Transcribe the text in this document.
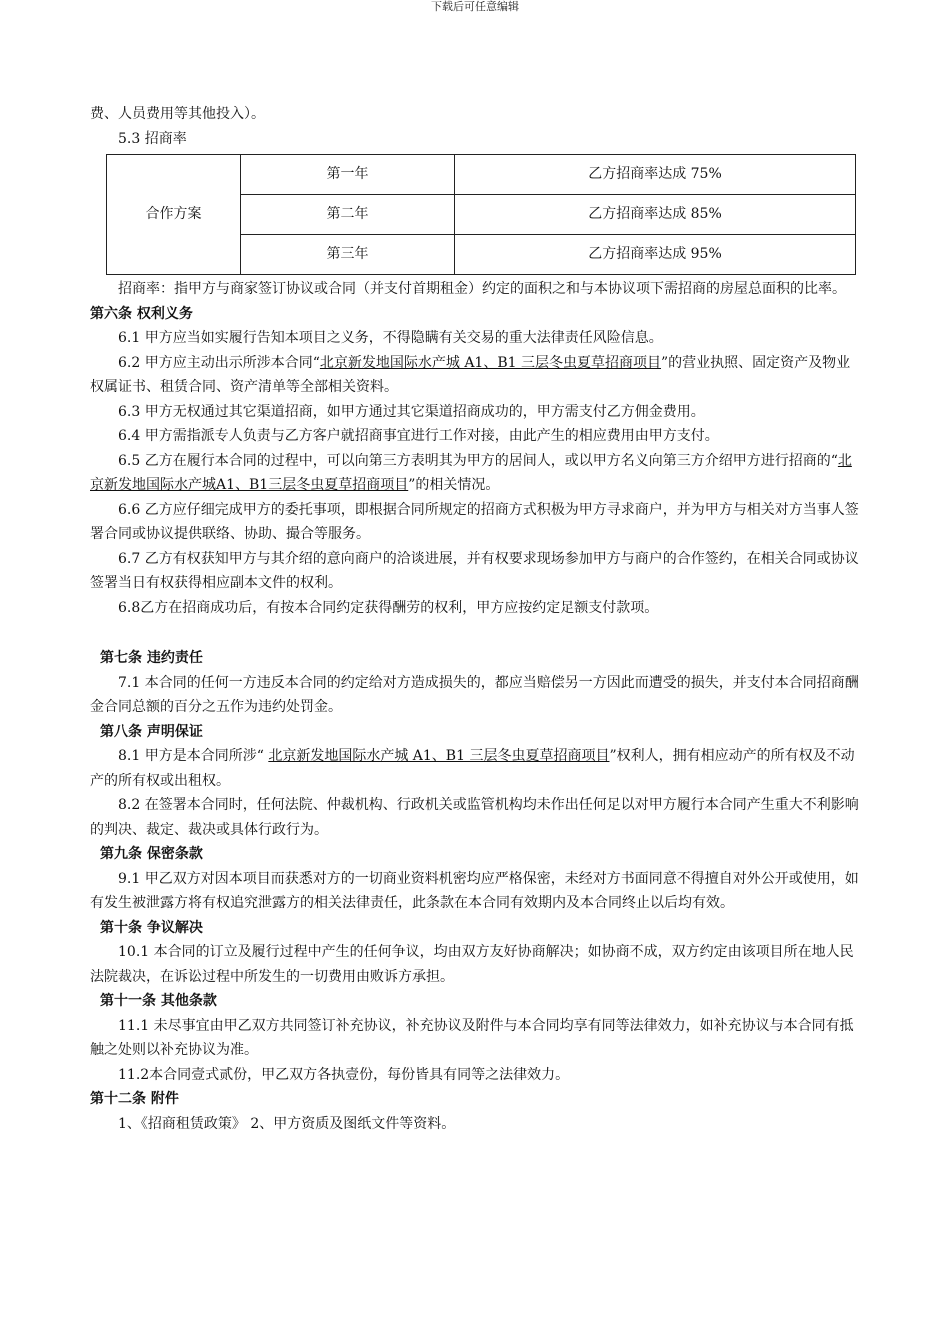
下载后可任意编辑

费、人员费用等其他投入）。

5.3 招商率

合作方案	第一年	乙方招商率达成 75%
	第二年	乙方招商率达成 85%
	第三年	乙方招商率达成 95%

招商率：指甲方与商家签订协议或合同（并支付首期租金）约定的面积之和与本协议项下需招商的房屋总面积的比率。

第六条 权利义务

6.1 甲方应当如实履行告知本项目之义务，不得隐瞒有关交易的重大法律责任风险信息。

6.2 甲方应主动出示所涉本合同“北京新发地国际水产城 A1、B1 三层冬虫夏草招商项目”的营业执照、固定资产及物业权属证书、租赁合同、资产清单等全部相关资料。

6.3 甲方无权通过其它渠道招商，如甲方通过其它渠道招商成功的，甲方需支付乙方佣金费用。

6.4 甲方需指派专人负责与乙方客户就招商事宜进行工作对接，由此产生的相应费用由甲方支付。

6.5 乙方在履行本合同的过程中，可以向第三方表明其为甲方的居间人，或以甲方名义向第三方介绍甲方进行招商的“北京新发地国际水产城A1、B1三层冬虫夏草招商项目”的相关情况。

6.6 乙方应仔细完成甲方的委托事项，即根据合同所规定的招商方式积极为甲方寻求商户，并为甲方与相关对方当事人签署合同或协议提供联络、协助、撮合等服务。

6.7 乙方有权获知甲方与其介绍的意向商户的洽谈进展，并有权要求现场参加甲方与商户的合作签约，在相关合同或协议签署当日有权获得相应副本文件的权利。

6.8乙方在招商成功后，有按本合同约定获得酬劳的权利，甲方应按约定足额支付款项。

第七条 违约责任

7.1 本合同的任何一方违反本合同的约定给对方造成损失的，都应当赔偿另一方因此而遭受的损失，并支付本合同招商酬金合同总额的百分之五作为违约处罚金。

第八条 声明保证

8.1 甲方是本合同所涉“ 北京新发地国际水产城 A1、B1 三层冬虫夏草招商项目”权利人，拥有相应动产的所有权及不动产的所有权或出租权。

8.2 在签署本合同时，任何法院、仲裁机构、行政机关或监管机构均未作出任何足以对甲方履行本合同产生重大不利影响的判决、裁定、裁决或具体行政行为。

第九条 保密条款

9.1 甲乙双方对因本项目而获悉对方的一切商业资料机密均应严格保密，未经对方书面同意不得擅自对外公开或使用，如有发生被泄露方将有权追究泄露方的相关法律责任，此条款在本合同有效期内及本合同终止以后均有效。

第十条 争议解决

10.1 本合同的订立及履行过程中产生的任何争议，均由双方友好协商解决；如协商不成，双方约定由该项目所在地人民法院裁决，在诉讼过程中所发生的一切费用由败诉方承担。

第十一条 其他条款

11.1 未尽事宜由甲乙双方共同签订补充协议，补充协议及附件与本合同均享有同等法律效力，如补充协议与本合同有抵触之处则以补充协议为准。

11.2本合同壹式贰份，甲乙双方各执壹份，每份皆具有同等之法律效力。

第十二条 附件

1、《招商租赁政策》 2、甲方资质及图纸文件等资料。
